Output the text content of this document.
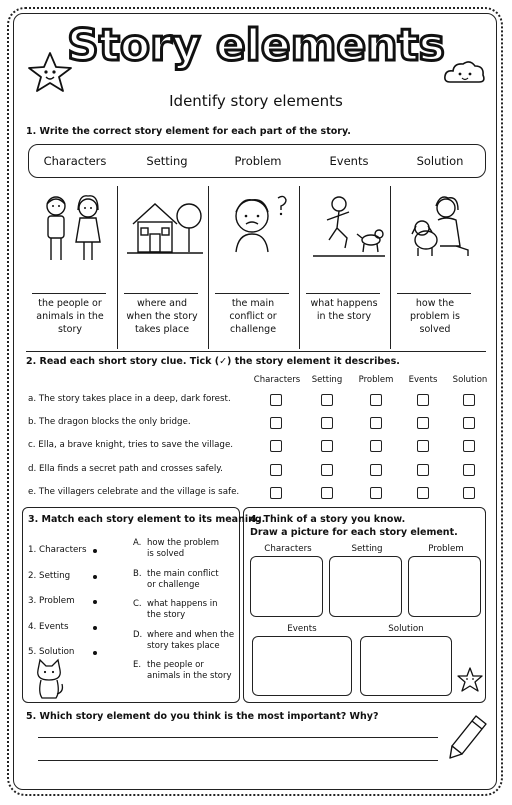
Story elements
Identify story elements
1. Write the correct story element for each part of the story.
Characters	Setting	Problem	Events	Solution
the people or
animals in the
story
where and
when the story
takes place
the main
conflict or
challenge
what happens
in the story
how the
problem is
solved
2. Read each short story clue. Tick (✓) the story element it describes.
Characters	Setting	Problem	Events	Solution
a. The story takes place in a deep, dark forest.
b. The dragon blocks the only bridge.
c. Ella, a brave knight, tries to save the village.
d. Ella finds a secret path and crosses safely.
e. The villagers celebrate and the village is safe.
3. Match each story element to its meaning.
1. Characters
2. Setting
3. Problem
4. Events
5. Solution
A. how the problem
is solved
B. the main conflict
or challenge
C. what happens in
the story
D. where and when the
story takes place
E. the people or
animals in the story
4. Think of a story you know.
Draw a picture for each story element.
Characters	Setting	Problem
Events	Solution
5. Which story element do you think is the most important? Why?
